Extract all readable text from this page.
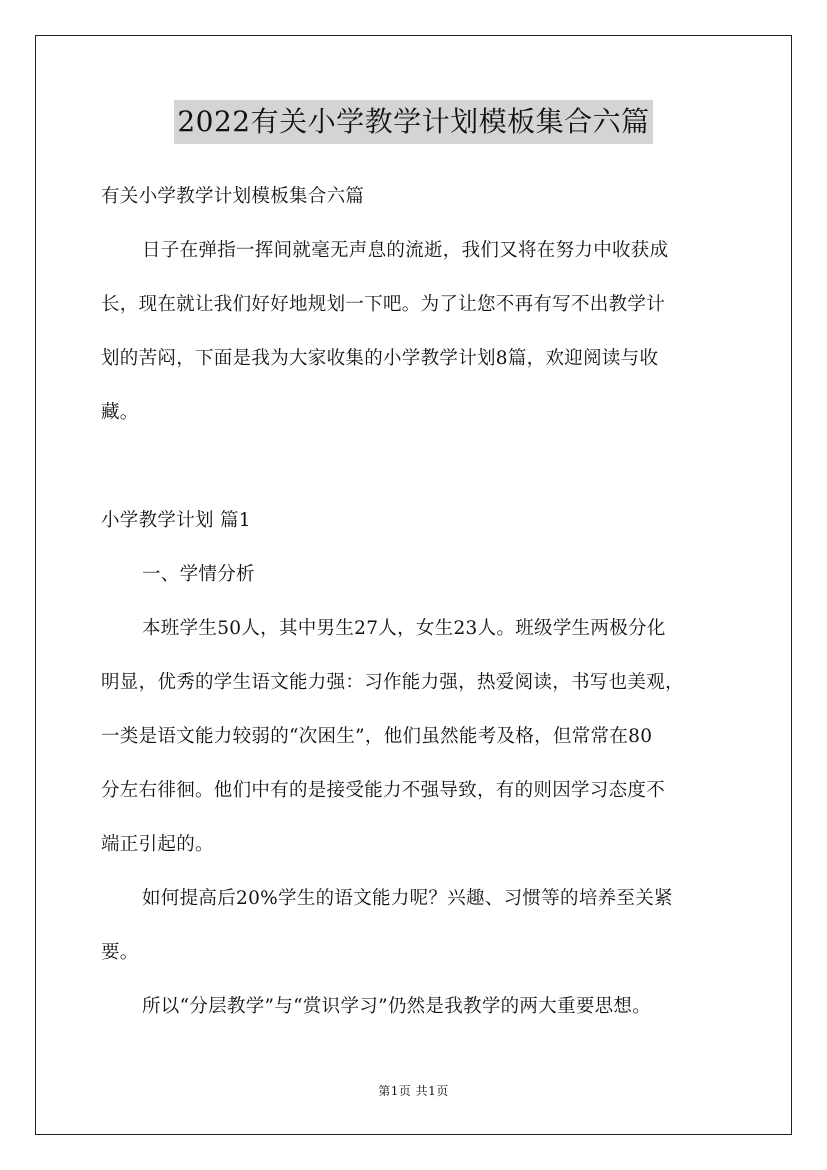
2022有关小学教学计划模板集合六篇

有关小学教学计划模板集合六篇

日子在弹指一挥间就毫无声息的流逝，我们又将在努力中收获成
长，现在就让我们好好地规划一下吧。为了让您不再有写不出教学计
划的苦闷，下面是我为大家收集的小学教学计划8篇，欢迎阅读与收
藏。

小学教学计划 篇1

一、学情分析

本班学生50人，其中男生27人，女生23人。班级学生两极分化
明显，优秀的学生语文能力强：习作能力强，热爱阅读，书写也美观，
一类是语文能力较弱的“次困生”，他们虽然能考及格，但常常在80
分左右徘徊。他们中有的是接受能力不强导致，有的则因学习态度不
端正引起的。

如何提高后20%学生的语文能力呢？兴趣、习惯等的培养至关紧
要。

所以“分层教学”与“赏识学习”仍然是我教学的两大重要思想。

第1页 共1页
